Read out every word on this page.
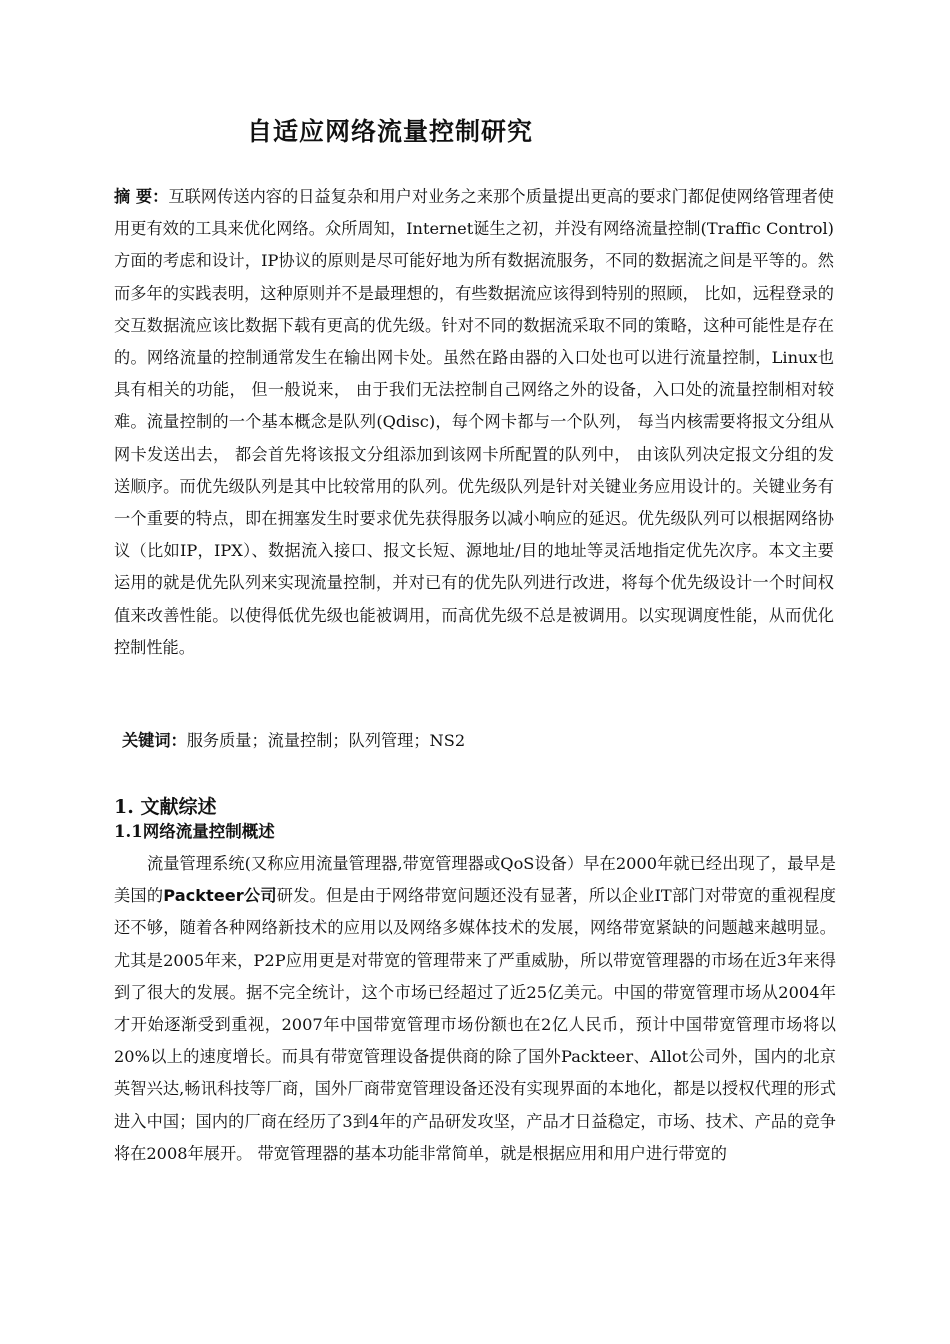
自适应网络流量控制研究

摘 要：互联网传送内容的日益复杂和用户对业务之来那个质量提出更高的要求门都促使网络管理者使用更有效的工具来优化网络。众所周知，Internet诞生之初，并没有网络流量控制(Traffic Control)方面的考虑和设计，IP协议的原则是尽可能好地为所有数据流服务，不同的数据流之间是平等的。然而多年的实践表明，这种原则并不是最理想的，有些数据流应该得到特别的照顾， 比如，远程登录的交互数据流应该比数据下载有更高的优先级。针对不同的数据流采取不同的策略，这种可能性是存在的。网络流量的控制通常发生在输出网卡处。虽然在路由器的入口处也可以进行流量控制，Linux也具有相关的功能， 但一般说来， 由于我们无法控制自己网络之外的设备，入口处的流量控制相对较难。流量控制的一个基本概念是队列(Qdisc)，每个网卡都与一个队列， 每当内核需要将报文分组从网卡发送出去， 都会首先将该报文分组添加到该网卡所配置的队列中， 由该队列决定报文分组的发送顺序。而优先级队列是其中比较常用的队列。优先级队列是针对关键业务应用设计的。关键业务有一个重要的特点，即在拥塞发生时要求优先获得服务以减小响应的延迟。优先级队列可以根据网络协议（比如IP，IPX）、数据流入接口、报文长短、源地址/目的地址等灵活地指定优先次序。本文主要运用的就是优先队列来实现流量控制，并对已有的优先队列进行改进，将每个优先级设计一个时间权值来改善性能。以使得低优先级也能被调用，而高优先级不总是被调用。以实现调度性能，从而优化控制性能。

关键词：服务质量；流量控制；队列管理；NS2

1. 文献综述
1.1网络流量控制概述

流量管理系统(又称应用流量管理器,带宽管理器或QoS设备）早在2000年就已经出现了，最早是美国的Packteer公司研发。但是由于网络带宽问题还没有显著，所以企业IT部门对带宽的重视程度还不够，随着各种网络新技术的应用以及网络多媒体技术的发展，网络带宽紧缺的问题越来越明显。尤其是2005年来，P2P应用更是对带宽的管理带来了严重威胁，所以带宽管理器的市场在近3年来得到了很大的发展。据不完全统计，这个市场已经超过了近25亿美元。中国的带宽管理市场从2004年才开始逐渐受到重视，2007年中国带宽管理市场份额也在2亿人民币，预计中国带宽管理市场将以20%以上的速度增长。而具有带宽管理设备提供商的除了国外Packteer、Allot公司外，国内的北京英智兴达,畅讯科技等厂商，国外厂商带宽管理设备还没有实现界面的本地化，都是以授权代理的形式进入中国；国内的厂商在经历了3到4年的产品研发攻坚，产品才日益稳定，市场、技术、产品的竞争将在2008年展开。 带宽管理器的基本功能非常简单，就是根据应用和用户进行带宽的
